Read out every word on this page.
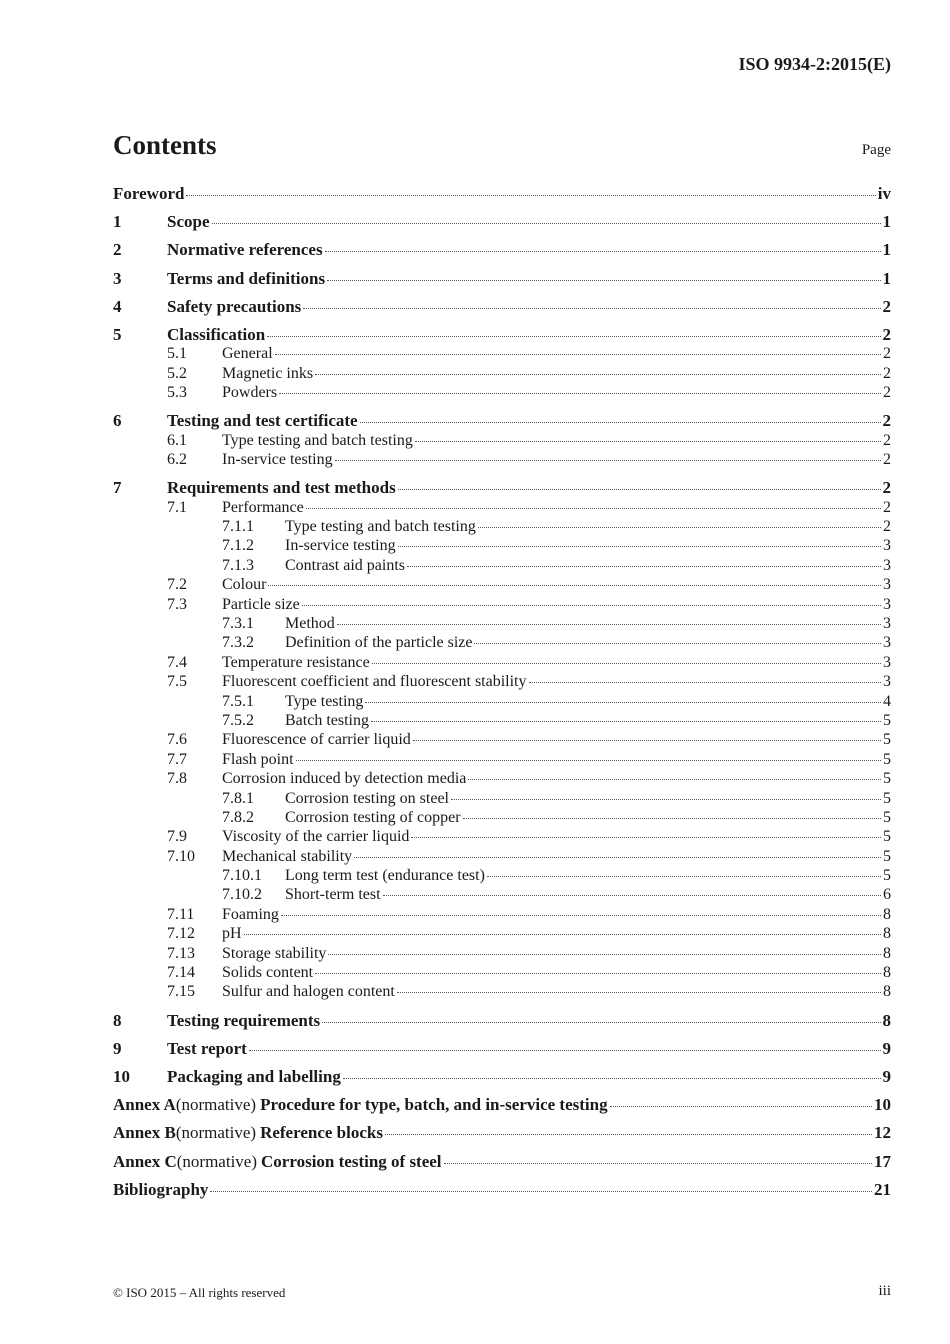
ISO 9934-2:2015(E)
Contents	Page
Foreword	iv
1	Scope	1
2	Normative references	1
3	Terms and definitions	1
4	Safety precautions	2
5	Classification	2
5.1	General	2
5.2	Magnetic inks	2
5.3	Powders	2
6	Testing and test certificate	2
6.1	Type testing and batch testing	2
6.2	In-service testing	2
7	Requirements and test methods	2
7.1	Performance	2
7.1.1	Type testing and batch testing	2
7.1.2	In-service testing	3
7.1.3	Contrast aid paints	3
7.2	Colour	3
7.3	Particle size	3
7.3.1	Method	3
7.3.2	Definition of the particle size	3
7.4	Temperature resistance	3
7.5	Fluorescent coefficient and fluorescent stability	3
7.5.1	Type testing	4
7.5.2	Batch testing	5
7.6	Fluorescence of carrier liquid	5
7.7	Flash point	5
7.8	Corrosion induced by detection media	5
7.8.1	Corrosion testing on steel	5
7.8.2	Corrosion testing of copper	5
7.9	Viscosity of the carrier liquid	5
7.10	Mechanical stability	5
7.10.1	Long term test (endurance test)	5
7.10.2	Short-term test	6
7.11	Foaming	8
7.12	pH	8
7.13	Storage stability	8
7.14	Solids content	8
7.15	Sulfur and halogen content	8
8	Testing requirements	8
9	Test report	9
10	Packaging and labelling	9
Annex A (normative) Procedure for type, batch, and in-service testing	10
Annex B (normative) Reference blocks	12
Annex C (normative) Corrosion testing of steel	17
Bibliography	21
© ISO 2015 – All rights reserved	iii
